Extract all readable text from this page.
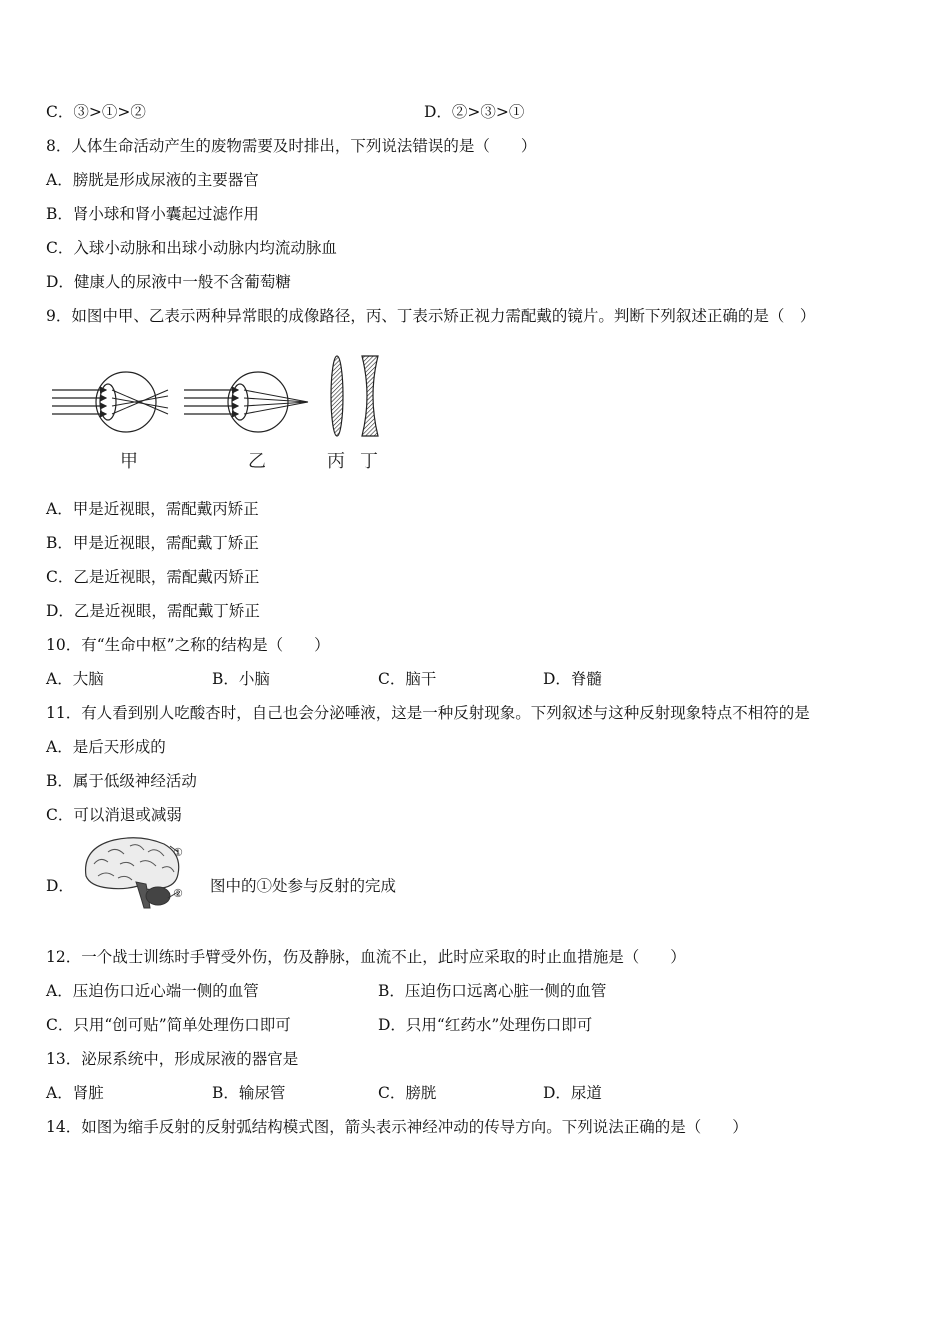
C．③>①>②	D．②>③>①
8．人体生命活动产生的废物需要及时排出，下列说法错误的是（　　）
A．膀胱是形成尿液的主要器官
B．肾小球和肾小囊起过滤作用
C．入球小动脉和出球小动脉内均流动脉血
D．健康人的尿液中一般不含葡萄糖
9．如图中甲、乙表示两种异常眼的成像路径，丙、丁表示矫正视力需配戴的镜片。判断下列叙述正确的是（　）
甲	乙	丙 丁
A．甲是近视眼，需配戴丙矫正
B．甲是近视眼，需配戴丁矫正
C．乙是近视眼，需配戴丙矫正
D．乙是近视眼，需配戴丁矫正
10．有“生命中枢”之称的结构是（　　）
A．大脑	B．小脑	C．脑干	D．脊髓
11．有人看到别人吃酸杏时，自己也会分泌唾液，这是一种反射现象。下列叙述与这种反射现象特点不相符的是
A．是后天形成的
B．属于低级神经活动
C．可以消退或减弱
D．
①
② 图中的①处参与反射的完成
12．一个战士训练时手臂受外伤，伤及静脉，血流不止，此时应采取的时止血措施是（　　）
A．压迫伤口近心端一侧的血管	B．压迫伤口远离心脏一侧的血管
C．只用“创可贴”简单处理伤口即可	D．只用“红药水”处理伤口即可
13．泌尿系统中，形成尿液的器官是
A．肾脏	B．输尿管	C．膀胱	D．尿道
14．如图为缩手反射的反射弧结构模式图，箭头表示神经冲动的传导方向。下列说法正确的是（　　）
